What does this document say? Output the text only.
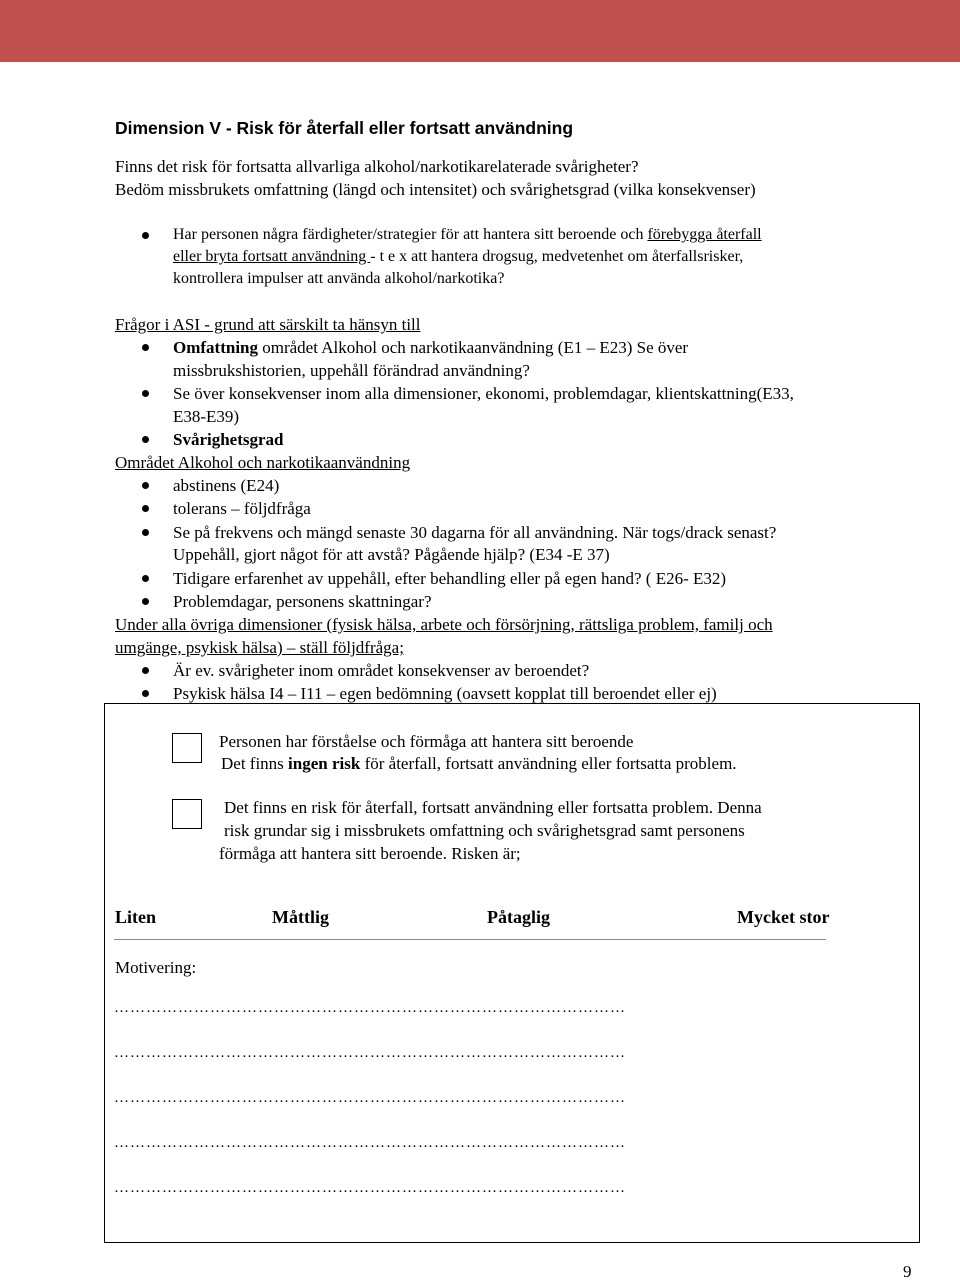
Dimension V - Risk för återfall eller fortsatt användning
Finns det risk för fortsatta allvarliga alkohol/narkotikarelaterade svårigheter?
Bedöm missbrukets omfattning (längd och intensitet) och svårighetsgrad (vilka konsekvenser)
Har personen några färdigheter/strategier för att hantera sitt beroende och förebygga återfall
eller bryta fortsatt användning - t e x att hantera drogsug, medvetenhet om återfallsrisker,
kontrollera impulser att använda alkohol/narkotika?
Frågor i ASI - grund att särskilt ta hänsyn till
Omfattning området Alkohol och narkotikaanvändning (E1 – E23) Se över
missbrukshistorien, uppehåll förändrad användning?
Se över konsekvenser inom alla dimensioner, ekonomi, problemdagar, klientskattning(E33,
E38-E39)
Svårighetsgrad
Området Alkohol och narkotikaanvändning
abstinens (E24)
tolerans – följdfråga
Se på frekvens och mängd senaste 30 dagarna för all användning. När togs/drack senast?
Uppehåll, gjort något för att avstå? Pågående hjälp? (E34 -E 37)
Tidigare erfarenhet av uppehåll, efter behandling eller på egen hand? ( E26- E32)
Problemdagar, personens skattningar?
Under alla övriga dimensioner (fysisk hälsa, arbete och försörjning, rättsliga problem, familj och
umgänge, psykisk hälsa) – ställ följdfråga;
Är ev. svårigheter inom området konsekvenser av beroendet?
Psykisk hälsa I4 – I11 – egen bedömning (oavsett kopplat till beroendet eller ej)
Personen har förståelse och förmåga att hantera sitt beroende
Det finns ingen risk för återfall, fortsatt användning eller fortsatta problem.
Det finns en risk för återfall, fortsatt användning eller fortsatta problem. Denna
risk grundar sig i missbrukets omfattning och svårighetsgrad samt personens
förmåga att hantera sitt beroende. Risken är;
Liten	Måttlig	Påtaglig	Mycket stor
Motivering:
……………………………………………………………………………………
……………………………………………………………………………………
……………………………………………………………………………………
……………………………………………………………………………………
……………………………………………………………………………………
9
